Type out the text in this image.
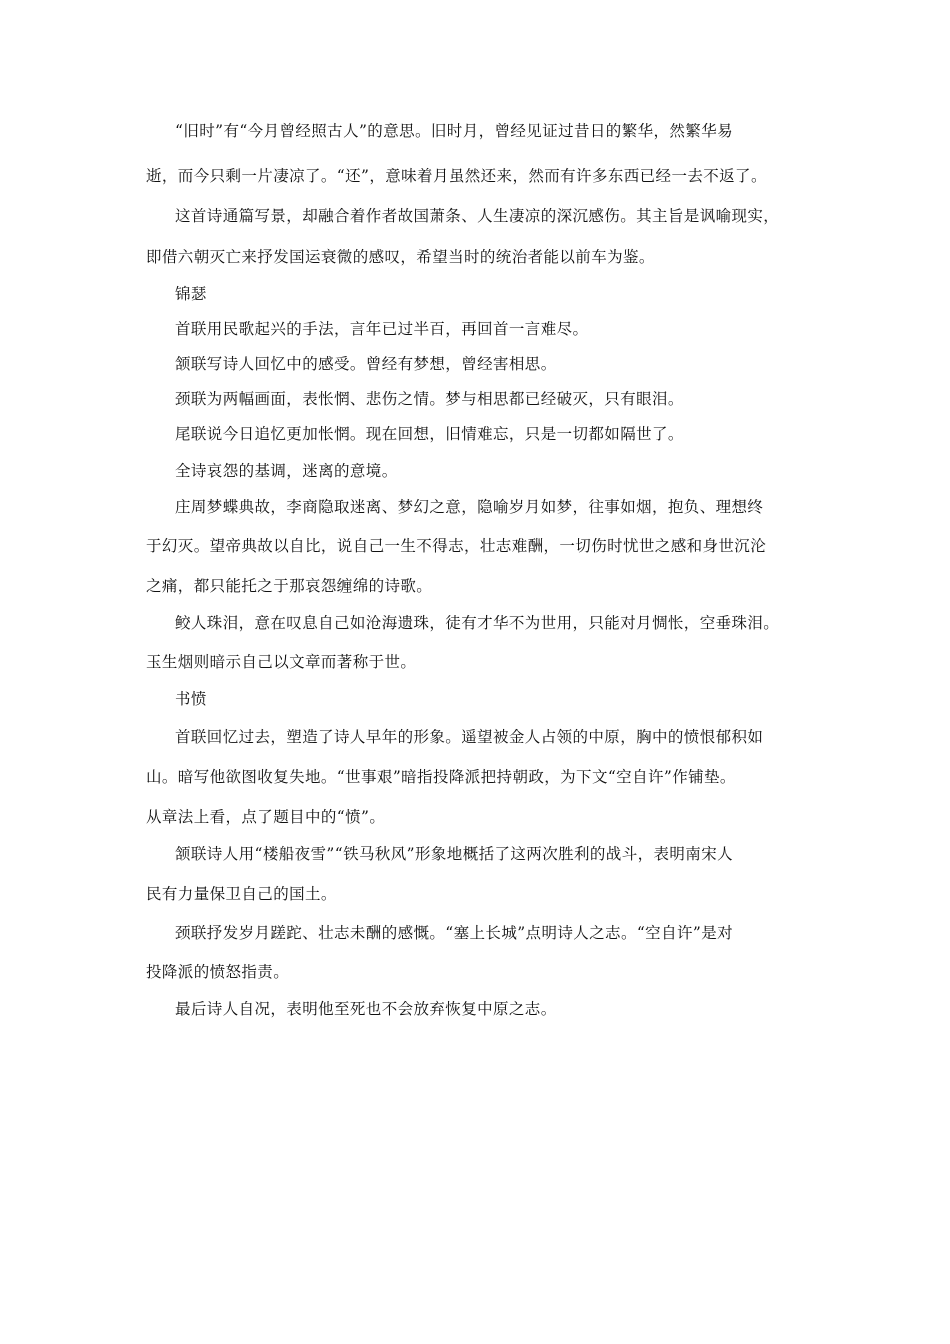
“旧时”有“今月曾经照古人”的意思。旧时月，曾经见证过昔日的繁华，然繁华易
逝，而今只剩一片凄凉了。“还”，意味着月虽然还来，然而有许多东西已经一去不返了。
这首诗通篇写景，却融合着作者故国萧条、人生凄凉的深沉感伤。其主旨是讽喻现实，
即借六朝灭亡来抒发国运衰微的感叹，希望当时的统治者能以前车为鉴。
锦瑟
首联用民歌起兴的手法，言年已过半百，再回首一言难尽。
颔联写诗人回忆中的感受。曾经有梦想，曾经害相思。
颈联为两幅画面，表怅惘、悲伤之情。梦与相思都已经破灭，只有眼泪。
尾联说今日追忆更加怅惘。现在回想，旧情难忘，只是一切都如隔世了。
全诗哀怨的基调，迷离的意境。
庄周梦蝶典故，李商隐取迷离、梦幻之意，隐喻岁月如梦，往事如烟，抱负、理想终
于幻灭。望帝典故以自比，说自己一生不得志，壮志难酬，一切伤时忧世之感和身世沉沦
之痛，都只能托之于那哀怨缠绵的诗歌。
鲛人珠泪，意在叹息自己如沧海遗珠，徒有才华不为世用，只能对月惆怅，空垂珠泪。
玉生烟则暗示自己以文章而著称于世。
书愤
首联回忆过去，塑造了诗人早年的形象。遥望被金人占领的中原，胸中的愤恨郁积如
山。暗写他欲图收复失地。“世事艰”暗指投降派把持朝政，为下文“空自许”作铺垫。
从章法上看，点了题目中的“愤”。
颔联诗人用“楼船夜雪”“铁马秋风”形象地概括了这两次胜利的战斗，表明南宋人
民有力量保卫自己的国土。
颈联抒发岁月蹉跎、壮志未酬的感慨。“塞上长城”点明诗人之志。“空自许”是对
投降派的愤怒指责。
最后诗人自况，表明他至死也不会放弃恢复中原之志。
